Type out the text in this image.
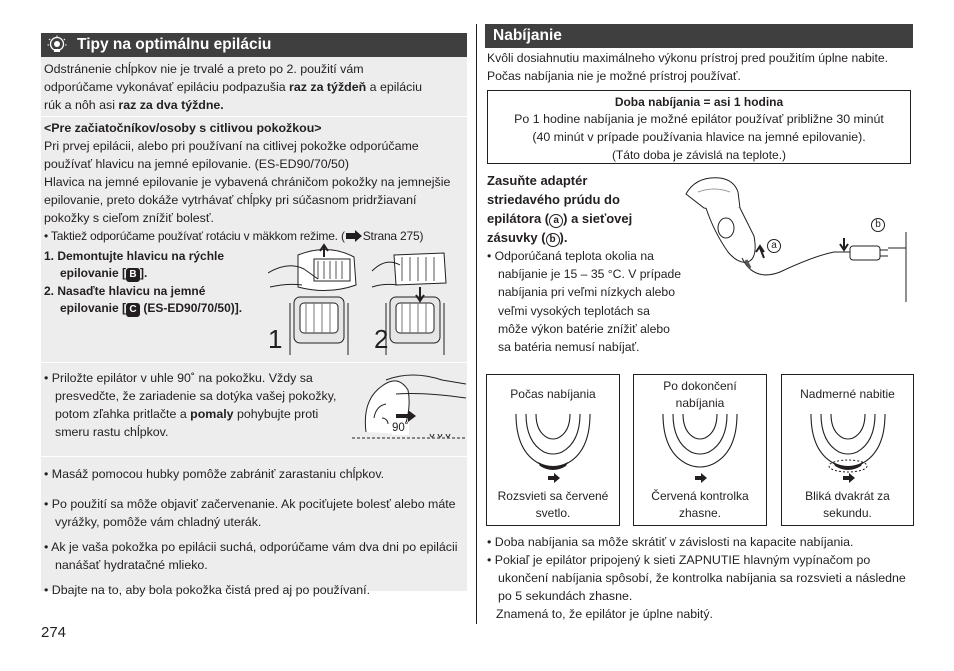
Tipy na optimálnu epiláciu
Odstránenie chĺpkov nie je trvalé a preto po 2. použití vám odporúčame vykonávať epiláciu podpazušia raz za týždeň a epiláciu rúk a nôh asi raz za dva týždne.

<Pre začiatočníkov/osoby s citlivou pokožkou>

Pri prvej epilácii, alebo pri používaní na citlivej pokožke odporúčame používať hlavicu na jemné epilovanie. (ES-ED90/70/50)

Hlavica na jemné epilovanie je vybavená chráničom pokožky na jemnejšie epilovanie, preto dokáže vytrhávať chĺpky pri súčasnom pridržiavaní pokožky s cieľom znížiť bolesť.

• Taktiež odporúčame používať rotáciu v mäkkom režime. ( Strana 275)

1. Demontujte hlavicu na rýchle

epilovanie [ B ].

2. Nasaďte hlavicu na jemné

epilovanie [ C (ES-ED90/70/50)].

1	2
• Priložte epilátor v uhle 90˚ na pokožku. Vždy sa presvedčte, že zariadenie sa dotýka vašej pokožky, potom zľahka pritlačte a pomaly pohybujte proti smeru rastu chĺpkov.	90˚

• Masáž pomocou hubky pomôže zabrániť zarastaniu chĺpkov.

• Po použití sa môže objaviť začervenanie. Ak pociťujete bolesť alebo máte vyrážky, pomôže vám chladný uterák.

• Ak je vaša pokožka po epilácii suchá, odporúčame vám dva dni po epilácii nanášať hydratačné mlieko.

• Dbajte na to, aby bola pokožka čistá pred aj po používaní.

274
Nabíjanie
Kvôli dosiahnutiu maximálneho výkonu prístroj pred použitím úplne nabite. Počas nabíjania nie je možné prístroj používať.

Doba nabíjania = asi 1 hodina

Po 1 hodine nabíjania je možné epilátor používať približne 30 minút

(40 minút v prípade používania hlavice na jemné epilovanie).

(Táto doba je závislá na teplote.)

Zasuňte adaptér

striedavého prúdu do

epilátora ( a ) a sieťovej

zásuvky ( b ).

• Odporúčaná teplota okolia na nabíjanie je 15 – 35 °C. V prípade nabíjania pri veľmi nízkych alebo veľmi vysokých teplotách sa môže výkon batérie znížiť alebo sa batéria nemusí nabíjať.

a
b
Počas nabíjania
Rozsvieti sa červené svetlo.
Po dokončení nabíjania
Červená kontrolka zhasne.
Nadmerné nabitie
Bliká dvakrát za sekundu.

• Doba nabíjania sa môže skrátiť v závislosti na kapacite nabíjania.

• Pokiaľ je epilátor pripojený k sieti ZAPNUTIE hlavným vypínačom po ukončení nabíjania spôsobí, že kontrolka nabíjania sa rozsvieti a následne po 5 sekundách zhasne.

Znamená to, že epilátor je úplne nabitý.
